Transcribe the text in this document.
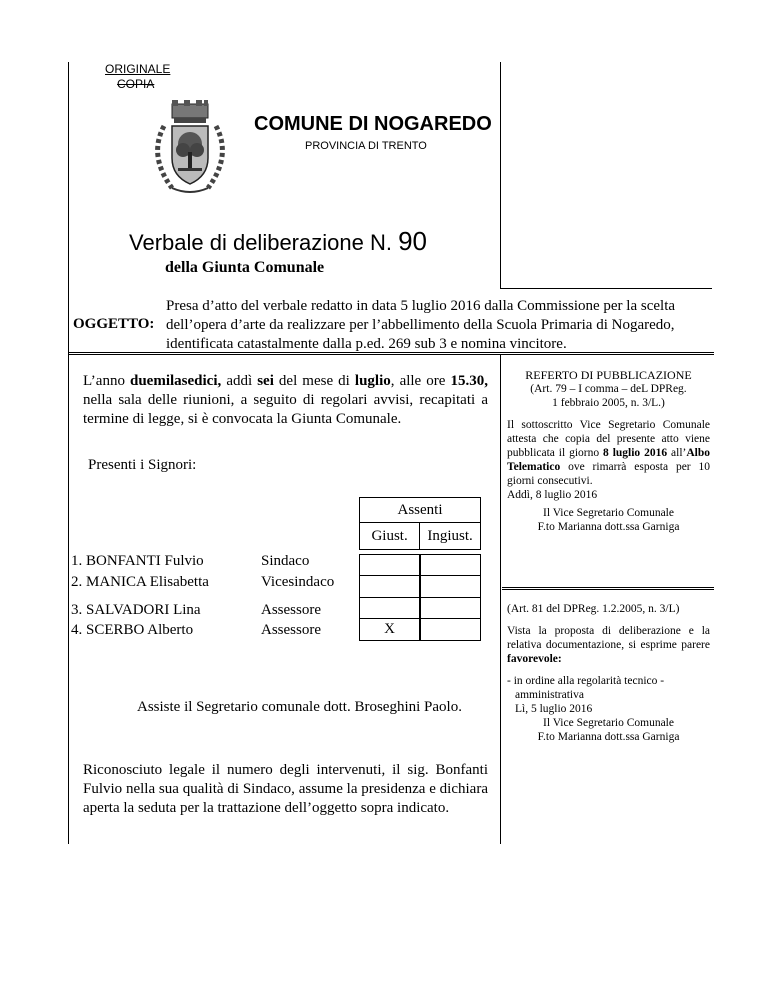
ORIGINALE
COPIA
COMUNE DI NOGAREDO
PROVINCIA DI TRENTO
Verbale di deliberazione N. 90
della Giunta Comunale
OGGETTO:
Presa d’atto del verbale redatto in data 5 luglio 2016 dalla Commissione per la scelta
dell’opera d’arte da realizzare per l’abbellimento della Scuola Primaria di Nogaredo,
identificata catastalmente dalla p.ed. 269 sub 3 e nomina vincitore.
L’anno duemilasedici, addì sei del mese di luglio, alle ore 15.30, nella sala delle riunioni, a seguito di regolari avvisi, recapitati a termine di legge, si è convocata la Giunta Comunale.
Presenti i Signori:
Assenti
Giust.	Ingiust.
1. BONFANTI Fulvio	Sindaco
2. MANICA Elisabetta	Vicesindaco
3. SALVADORI Lina	Assessore
4. SCERBO Alberto	Assessore	X
Assiste il Segretario comunale dott. Broseghini Paolo.
Riconosciuto legale il numero degli intervenuti, il sig. Bonfanti Fulvio nella sua qualità di Sindaco, assume la presidenza e dichiara aperta la seduta per la trattazione dell’oggetto sopra indicato.
REFERTO DI PUBBLICAZIONE
(Art. 79 – I comma – deL DPReg.
1 febbraio 2005, n. 3/L.)
Il sottoscritto Vice Segretario Comunale attesta che copia del presente atto viene pubblicata il giorno 8 luglio 2016 all’Albo Telematico ove rimarrà esposta per 10 giorni consecutivi.
Addì, 8 luglio 2016
Il Vice Segretario Comunale
F.to Marianna dott.ssa Garniga
(Art. 81 del DPReg. 1.2.2005, n. 3/L)
Vista la proposta di deliberazione e la relativa documentazione, si esprime parere favorevole:
- in ordine alla regolarità tecnico -
amministrativa
Lì, 5 luglio 2016
Il Vice Segretario Comunale
F.to Marianna dott.ssa Garniga
